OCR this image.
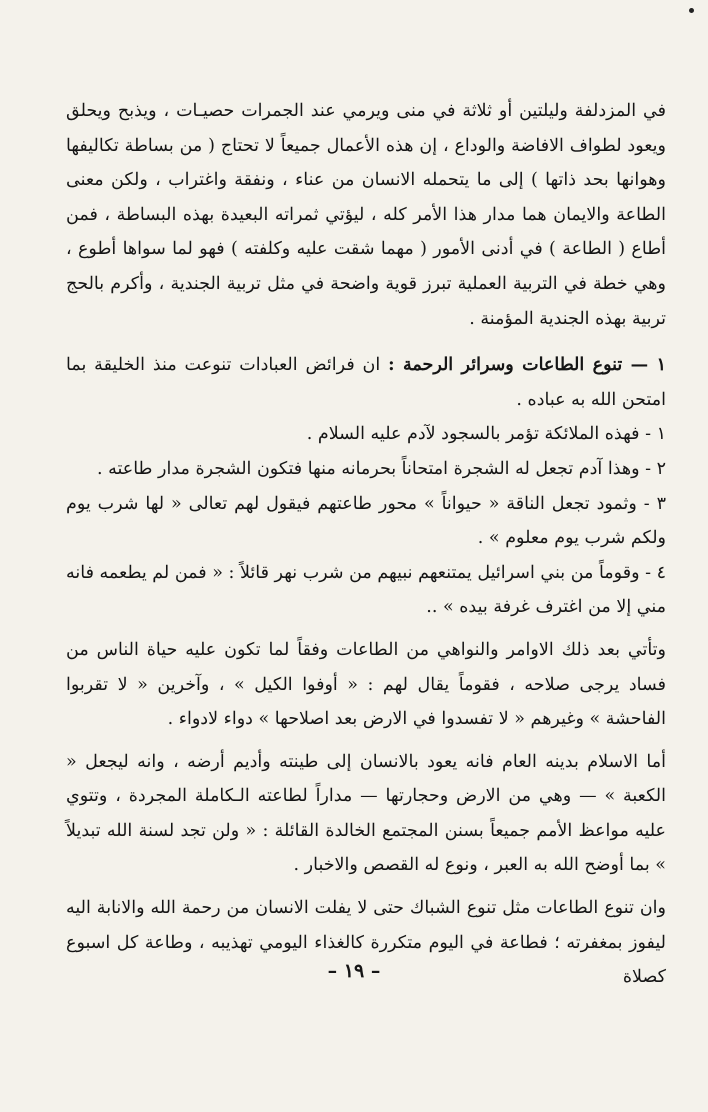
في المزدلفة وليلتين أو ثلاثة في منى ويرمي عند الجمرات حصيـات ، ويذبح ويحلق ويعود لطواف الافاضة والوداع ، إن هذه الأعمال جميعاً لا تحتاج ( من بساطة تكاليفها وهوانها بحد ذاتها ) إلى ما يتحمله الانسان من عناء ، ونفقة واغتراب ، ولكن معنى الطاعة والايمان هما مدار هذا الأمر كله ، ليؤتي ثمراته البعيدة بهذه البساطة ، فمن أطاع ( الطاعة ) في أدنى الأمور ( مهما شقت عليه وكلفته ) فهو لما سواها أطوع ، وهي خطة في التربية العملية تبرز قوية واضحة في مثل تربية الجندية ، وأكرم بالحج تربية بهذه الجندية المؤمنة .

١ — تنوع الطاعات وسرائر الرحمة : ان فرائض العبادات تنوعت منذ الخليقة بما امتحن الله به عباده .

١ - فهذه الملائكة تؤمر بالسجود لآدم عليه السلام .

٢ - وهذا آدم تجعل له الشجرة امتحاناً بحرمانه منها فتكون الشجرة مدار طاعته .

٣ - وثمود تجعل الناقة « حيواناً » محور طاعتهم فيقول لهم تعالى « لها شرب يوم ولكم شرب يوم معلوم » .

٤ - وقوماً من بني اسرائيل يمتنعهم نبيهم من شرب نهر قائلاً : « فمن لم يطعمه فانه مني إلا من اغترف غرفة بيده » ..

وتأتي بعد ذلك الاوامر والنواهي من الطاعات وفقاً لما تكون عليه حياة الناس من فساد يرجى صلاحه ، فقوماً يقال لهم : « أوفوا الكيل » ، وآخرين « لا تقربوا الفاحشة » وغيرهم « لا تفسدوا في الارض بعد اصلاحها » دواء لادواء .

أما الاسلام بدينه العام فانه يعود بالانسان إلى طينته وأديم أرضه ، وانه ليجعل « الكعبة » — وهي من الارض وحجارتها — مداراً لطاعته الـكاملة المجردة ، وتتوي عليه مواعظ الأمم جميعاً بسنن المجتمع الخالدة القائلة : « ولن تجد لسنة الله تبديلاً » بما أوضح الله به العبر ، ونوع له القصص والاخبار .

وان تنوع الطاعات مثل تنوع الشباك حتى لا يفلت الانسان من رحمة الله والانابة اليه ليفوز بمغفرته ؛ فطاعة في اليوم متكررة كالغذاء اليومي تهذيبه ، وطاعة كل اسبوع كصلاة

– ١٩ –
